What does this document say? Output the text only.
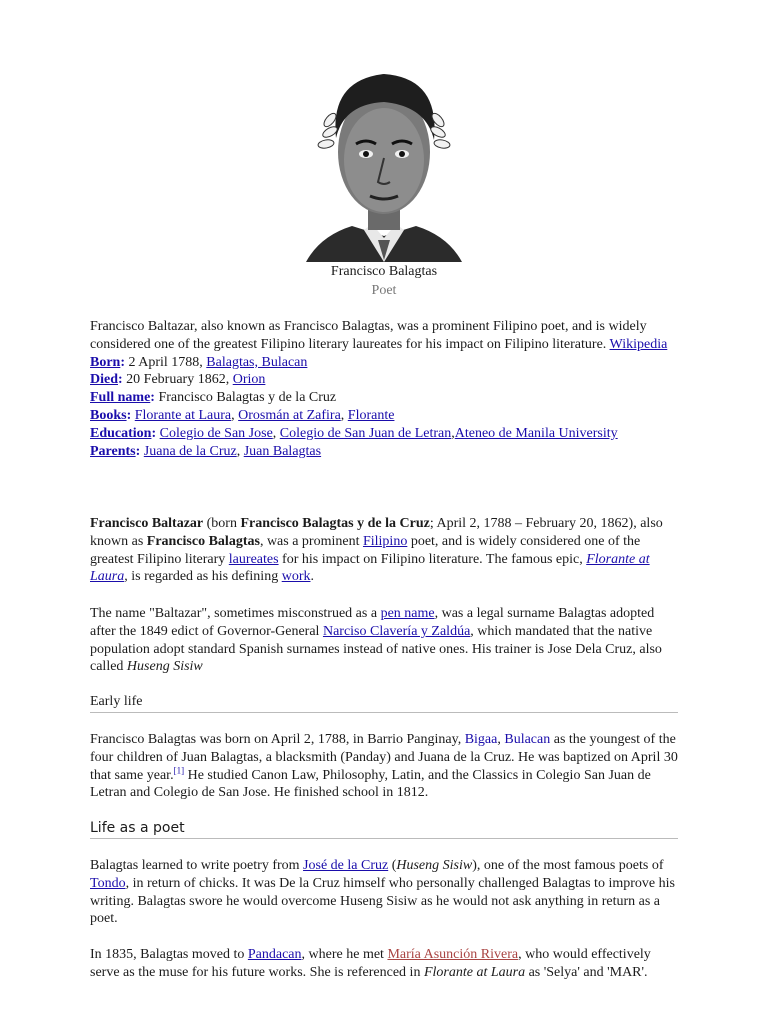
Francisco Balagtas
Poet

Francisco Baltazar, also known as Francisco Balagtas, was a prominent Filipino poet, and is widely considered one of the greatest Filipino literary laureates for his impact on Filipino literature. Wikipedia

Born: 2 April 1788, Balagtas, Bulacan

Died: 20 February 1862, Orion

Full name: Francisco Balagtas y de la Cruz

Books: Florante at Laura, Orosmán at Zafira, Florante

Education: Colegio de San Jose, Colegio de San Juan de Letran,Ateneo de Manila University

Parents: Juana de la Cruz, Juan Balagtas

Francisco Baltazar (born Francisco Balagtas y de la Cruz; April 2, 1788 – February 20, 1862), also known as Francisco Balagtas, was a prominent Filipino poet, and is widely considered one of the greatest Filipino literary laureates for his impact on Filipino literature. The famous epic, Florante at Laura, is regarded as his defining work.

The name "Baltazar", sometimes misconstrued as a pen name, was a legal surname Balagtas adopted after the 1849 edict of Governor-General Narciso Clavería y Zaldúa, which mandated that the native population adopt standard Spanish surnames instead of native ones. His trainer is Jose Dela Cruz, also called Huseng Sisiw

Early life

Francisco Balagtas was born on April 2, 1788, in Barrio Panginay, Bigaa, Bulacan as the youngest of the four children of Juan Balagtas, a blacksmith (Panday) and Juana de la Cruz. He was baptized on April 30 that same year.[1] He studied Canon Law, Philosophy, Latin, and the Classics in Colegio San Juan de Letran and Colegio de San Jose. He finished school in 1812.

Life as a poet

Balagtas learned to write poetry from José de la Cruz (Huseng Sisiw), one of the most famous poets of Tondo, in return of chicks. It was De la Cruz himself who personally challenged Balagtas to improve his writing. Balagtas swore he would overcome Huseng Sisiw as he would not ask anything in return as a poet.

In 1835, Balagtas moved to Pandacan, where he met María Asunción Rivera, who would effectively serve as the muse for his future works. She is referenced in Florante at Laura as 'Selya' and 'MAR'.
